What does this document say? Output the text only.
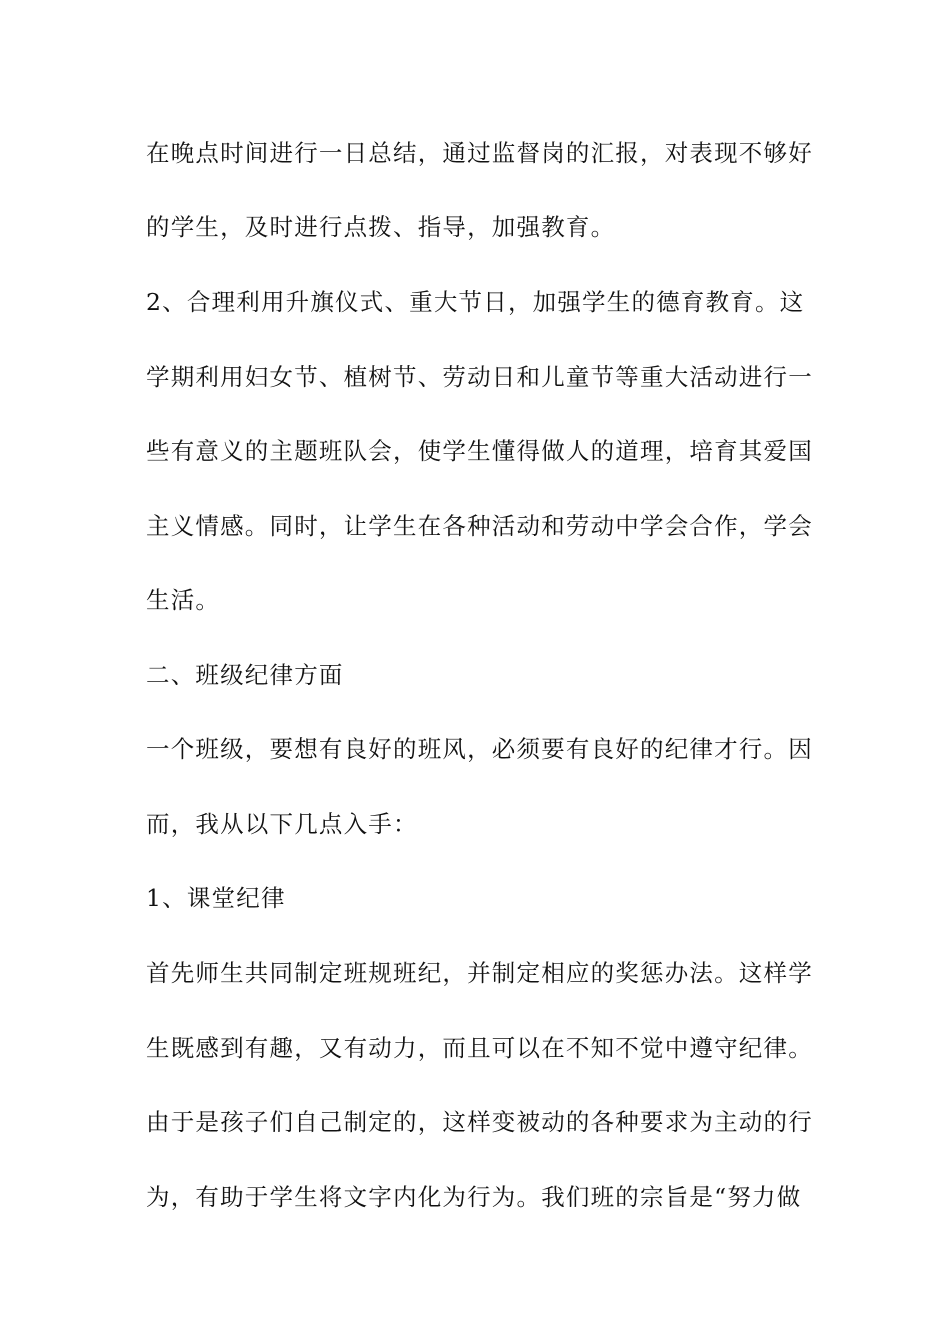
在晚点时间进行一日总结，通过监督岗的汇报，对表现不够好
的学生，及时进行点拨、指导，加强教育。
2、合理利用升旗仪式、重大节日，加强学生的德育教育。这
学期利用妇女节、植树节、劳动日和儿童节等重大活动进行一
些有意义的主题班队会，使学生懂得做人的道理，培育其爱国
主义情感。同时，让学生在各种活动和劳动中学会合作，学会
生活。
二、班级纪律方面
一个班级，要想有良好的班风，必须要有良好的纪律才行。因
而，我从以下几点入手：
1、课堂纪律
首先师生共同制定班规班纪，并制定相应的奖惩办法。这样学
生既感到有趣，又有动力，而且可以在不知不觉中遵守纪律。
由于是孩子们自己制定的，这样变被动的各种要求为主动的行
为，有助于学生将文字内化为行为。我们班的宗旨是“努力做
